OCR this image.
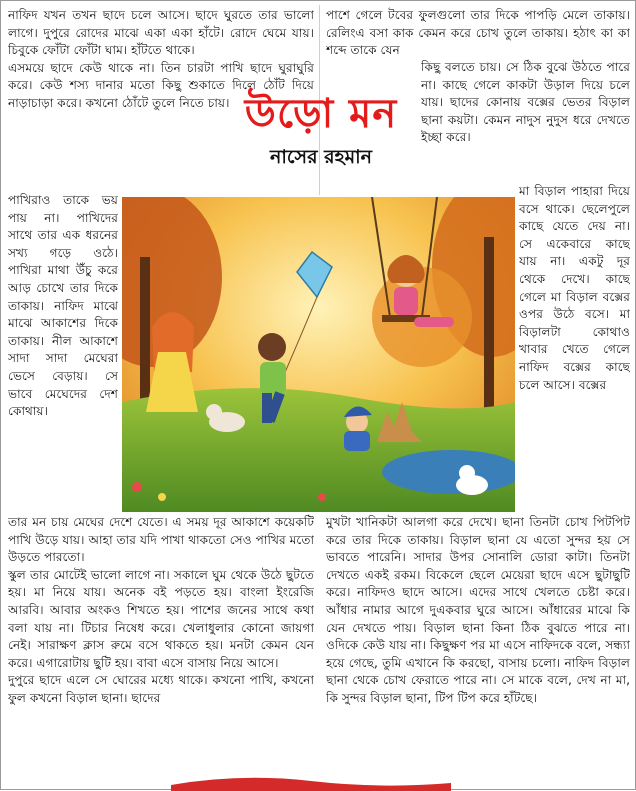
নাফিদ যখন তখন ছাদে চলে আসে। ছাদে ঘুরতে তার ভালো লাগে। দুপুরে রোদের মাঝে একা একা হাঁটে। রোদে ঘেমে যায়। চিবুকে ফোঁটা ফোঁটা ঘাম। হাঁটতে থাকে।

এসময়ে ছাদে কেউ থাকে না। তিন চারটা পাখি ছাদে ঘুরাঘুরি করে। কেউ শস্য দানার মতো কিছু শুকাতে দিলে ঠোঁট দিয়ে নাড়াচাড়া করে। কখনো ঠোঁটে তুলে নিতে চায়।

পাখিরাও তাকে ভয় পায় না। পাখিদের সাথে তার এক ধরনের সখ্য গড়ে ওঠে। পাখিরা মাথা উঁচু করে আড় চোখে তার দিকে তাকায়। নাফিদ মাঝে মাঝে আকাশের দিকে তাকায়। নীল আকাশে সাদা সাদা মেঘেরা ভেসে বেড়ায়। সে ভাবে মেঘেদের দেশ কোথায়।

তার মন চায় মেঘের দেশে যেতে। এ সময় দূর আকাশে কয়েকটি পাখি উড়ে যায়। আহা তার যদি পাখা থাকতো সেও পাখির মতো উড়তে পারতো।

স্কুল তার মোটেই ভালো লাগে না। সকালে ঘুম থেকে উঠে ছুটতে হয়। মা নিয়ে যায়। অনেক বই পড়তে হয়। বাংলা ইংরেজি আরবি। আবার অংকও শিখতে হয়। পাশের জনের সাথে কথা বলা যায় না। টিচার নিষেধ করে। খেলাধুলার কোনো জায়গা নেই। সারাক্ষণ ক্লাস রুমে বসে থাকতে হয়। মনটা কেমন যেন করে। এগারোটায় ছুটি হয়। বাবা এসে বাসায় নিয়ে আসে।

দুপুরে ছাদে এলে সে ঘোরের মধ্যে থাকে। কখনো পাখি, কখনো ফুল কখনো বিড়াল ছানা। ছাদের

পাশে গেলে টবের ফুলগুলো তার দিকে পাপড়ি মেলে তাকায়। রেলিংএ বসা কাক কেমন করে চোখ তুলে তাকায়। হঠাৎ কা কা শব্দে তাকে যেন

কিছু বলতে চায়। সে ঠিক বুঝে উঠতে পারে না। কাছে গেলে কাকটা উড়াল দিয়ে চলে যায়। ছাদের কোনায় বক্সের ভেতর বিড়াল ছানা কয়টা। কেমন নাদুস নুদুস ধরে দেখতে ইচ্ছা করে।

উড়ো মন
নাসের রহমান

মা বিড়াল পাহারা দিয়ে বসে থাকে। ছেলেপুলে কাছে যেতে দেয় না। সে একেবারে কাছে যায় না। একটু দূর থেকে দেখে। কাছে গেলে মা বিড়াল বক্সের ওপর উঠে বসে। মা বিড়ালটা কোথাও খাবার খেতে গেলে নাফিদ বক্সের কাছে চলে আসে। বক্সের

মুখটা খানিকটা আলগা করে দেখে। ছানা তিনটা চোখ পিটপিট করে তার দিকে তাকায়। বিড়াল ছানা যে এতো সুন্দর হয় সে ভাবতে পারেনি। সাদার উপর সোনালি ডোরা কাটা। তিনটা দেখতে একই রকম। বিকেলে ছেলে মেয়েরা ছাদে এসে ছুটাছুটি করে। নাফিদও ছাদে আসে। এদের সাথে খেলতে চেষ্টা করে। আঁধার নামার আগে দুএকবার ঘুরে আসে। আঁধারের মাঝে কি যেন দেখতে পায়। বিড়াল ছানা কিনা ঠিক বুঝতে পারে না। ওদিকে কেউ যায় না। কিছুক্ষণ পর মা এসে নাফিদকে বলে, সন্ধ্যা হয়ে গেছে, তুমি এখানে কি করছো, বাসায় চলো। নাফিদ বিড়াল ছানা থেকে চোখ ফেরাতে পারে না। সে মাকে বলে, দেখ না মা, কি সুন্দর বিড়াল ছানা, টিপ টিপ করে হাঁটছে।
